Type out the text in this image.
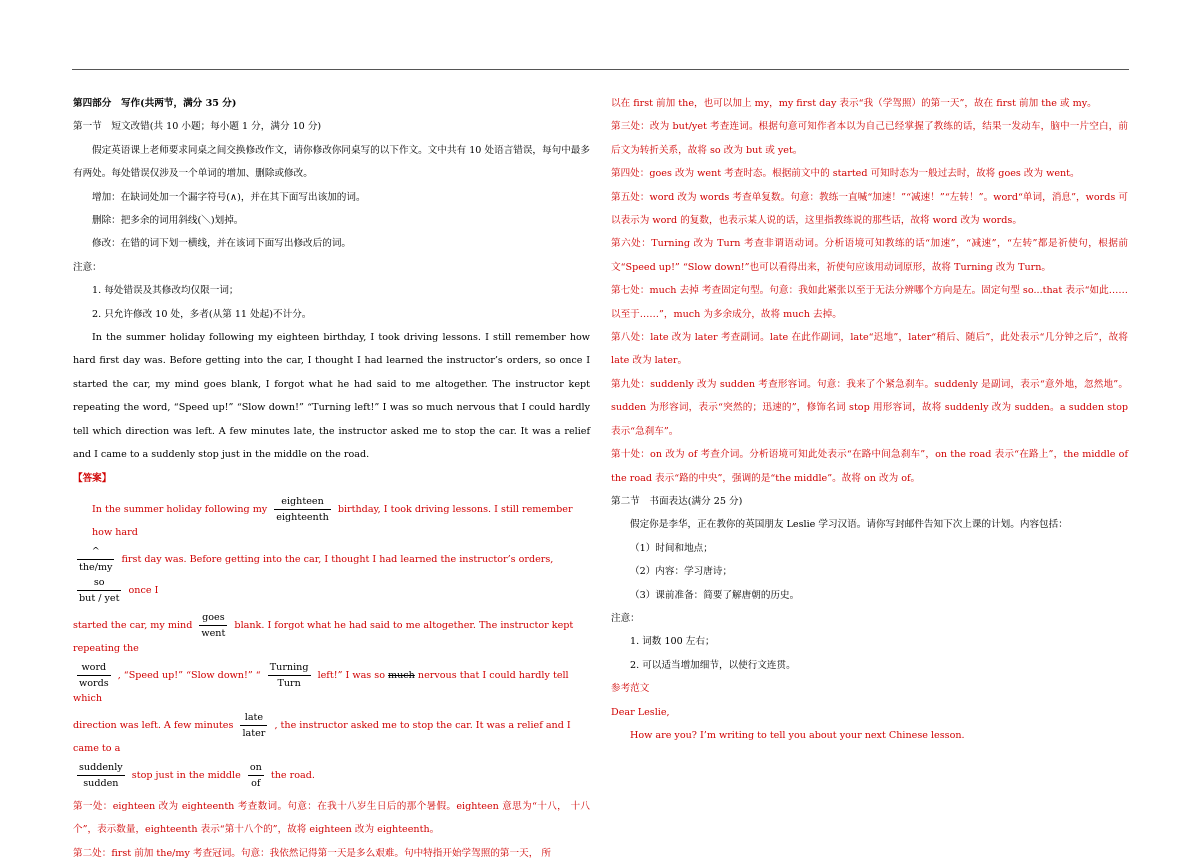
第四部分　写作(共两节，满分 35 分)

第一节　短文改错(共 10 小题；每小题 1 分，满分 10 分)

假定英语课上老师要求同桌之间交换修改作文，请你修改你同桌写的以下作文。文中共有 10 处语言错误，每句中最多有两处。每处错误仅涉及一个单词的增加、删除或修改。

增加：在缺词处加一个漏字符号(∧)，并在其下面写出该加的词。

删除：把多余的词用斜线(＼)划掉。

修改：在错的词下划一横线，并在该词下面写出修改后的词。

注意：

1. 每处错误及其修改均仅限一词；

2. 只允许修改 10 处，多者(从第 11 处起)不计分。

In the summer holiday following my eighteen birthday, I took driving lessons. I still remember how hard first day was. Before getting into the car, I thought I had learned the instructor’s orders, so once I started the car, my mind goes blank, I forgot what he had said to me altogether. The instructor kept repeating the word, “Speed up!” “Slow down!” “Turning left!” I was so much nervous that I could hardly tell which direction was left. A few minutes late, the instructor asked me to stop the car. It was a relief and I came to a suddenly stop just in the middle on the road.

【答案】

In the summer holiday following my
eighteen
eighteenth
birthday, I took driving lessons. I still remember how hard
^
the/my
first day was. Before getting into the car, I thought I had learned the instructor’s orders,
so
but / yet
once I
started the car, my mind
goes
went
blank. I forgot what he had said to me altogether. The instructor kept repeating the
word
words
, “Speed up!” “Slow down!” “
Turning
Turn
left!” I was so much nervous that I could hardly tell which
direction was left. A few minutes
late
later
, the instructor asked me to stop the car. It was a relief and I came to a
suddenly
sudden
stop just in the middle $\frac{on}{of}$ the road.

第一处：eighteen 改为 eighteenth 考查数词。句意：在我十八岁生日后的那个暑假。eighteen 意思为“十八， 十八个”，表示数量，eighteenth 表示“第十八个的”，故将 eighteen 改为 eighteenth。

第二处：first 前加 the/my 考查冠词。句意：我依然记得第一天是多么艰难。句中特指开始学驾照的第一天， 所

以在 first 前加 the，也可以加上 my，my first day 表示“我（学驾照）的第一天”，故在 first 前加 the 或 my。

第三处：改为 but/yet 考查连词。根据句意可知作者本以为自己已经掌握了教练的话，结果一发动车，脑中一片空白，前后文为转折关系，故将 so 改为 but 或 yet。

第四处：goes 改为 went 考查时态。根据前文中的 started 可知时态为一般过去时，故将 goes 改为 went。

第五处：word 改为 words 考查单复数。句意：教练一直喊“加速！”“减速！”“左转！”。word“单词，消息”，words 可以表示为 word 的复数，也表示某人说的话，这里指教练说的那些话，故将 word 改为 words。

第六处：Turning 改为 Turn 考查非谓语动词。分析语境可知教练的话“加速”，“减速”，“左转”都是祈使句，根据前文“Speed up!” “Slow down!”也可以看得出来，祈使句应该用动词原形，故将 Turning 改为 Turn。

第七处：much 去掉 考查固定句型。句意：我如此紧张以至于无法分辨哪个方向是左。固定句型 so...that 表示“如此……以至于……”，much 为多余成分，故将 much 去掉。

第八处：late 改为 later 考查副词。late 在此作副词，late“迟地”，later“稍后、随后”，此处表示“几分钟之后”，故将 late 改为 later。

第九处：suddenly 改为 sudden 考查形容词。句意：我来了个紧急刹车。suddenly 是副词，表示“意外地，忽然地”。 sudden 为形容词，表示“突然的；迅速的”，修饰名词 stop 用形容词，故将 suddenly 改为 sudden。a sudden stop 表示“急刹车”。

第十处：on 改为 of 考查介词。分析语境可知此处表示“在路中间急刹车”，on the road 表示“在路上”，the middle of the road 表示“路的中央”，强调的是“the middle”。故将 on 改为 of。

第二节　书面表达(满分 25 分)

假定你是李华，正在教你的英国朋友 Leslie 学习汉语。请你写封邮件告知下次上课的计划。内容包括：

（1）时间和地点；

（2）内容：学习唐诗；

（3）课前准备：简要了解唐朝的历史。

注意：

1. 词数 100 左右；

2. 可以适当增加细节，以使行文连贯。

参考范文

Dear Leslie,

How are you? I’m writing to tell you about your next Chinese lesson.
